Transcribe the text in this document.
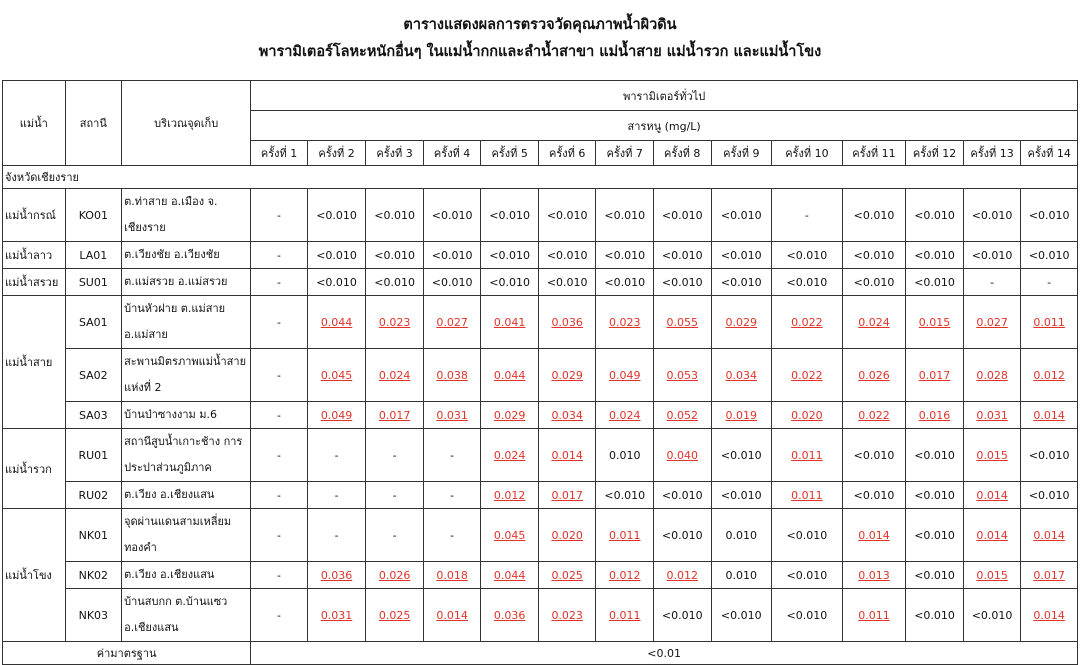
ตารางแสดงผลการตรวจวัดคุณภาพน้ำผิวดิน
พารามิเตอร์โลหะหนักอื่นๆ ในแม่น้ำกกและลำน้ำสาขา แม่น้ำสาย แม่น้ำรวก และแม่น้ำโขง
แม่น้ำ	สถานี	บริเวณจุดเก็บ	พารามิเตอร์ทั่วไป													
			สารหนู (mg/L)													
			ครั้งที่ 1	ครั้งที่ 2	ครั้งที่ 3	ครั้งที่ 4	ครั้งที่ 5	ครั้งที่ 6	ครั้งที่ 7	ครั้งที่ 8	ครั้งที่ 9	ครั้งที่ 10	ครั้งที่ 11	ครั้งที่ 12	ครั้งที่ 13	ครั้งที่ 14
จังหวัดเชียงราย																
แม่น้ำกรณ์	KO01	ต.ท่าสาย อ.เมือง จ. เชียงราย	-	<0.010	<0.010	<0.010	<0.010	<0.010	<0.010	<0.010	<0.010	-	<0.010	<0.010	<0.010	<0.010
แม่น้ำลาว	LA01	ต.เวียงชัย อ.เวียงชัย	-	<0.010	<0.010	<0.010	<0.010	<0.010	<0.010	<0.010	<0.010	<0.010	<0.010	<0.010	<0.010	<0.010
แม่น้ำสรวย	SU01	ต.แม่สรวย อ.แม่สรวย	-	<0.010	<0.010	<0.010	<0.010	<0.010	<0.010	<0.010	<0.010	<0.010	<0.010	<0.010	-	-
แม่น้ำสาย	SA01	บ้านหัวฝาย ต.แม่สาย อ.แม่สาย	-	0.044	0.023	0.027	0.041	0.036	0.023	0.055	0.029	0.022	0.024	0.015	0.027	0.011
	SA02	สะพานมิตรภาพแม่น้ำสายแห่งที่ 2	-	0.045	0.024	0.038	0.044	0.029	0.049	0.053	0.034	0.022	0.026	0.017	0.028	0.012
	SA03	บ้านป่าซางงาม ม.6	-	0.049	0.017	0.031	0.029	0.034	0.024	0.052	0.019	0.020	0.022	0.016	0.031	0.014
แม่น้ำรวก	RU01	สถานีสูบน้ำเกาะช้าง การประปาส่วนภูมิภาค	-	-	-	-	0.024	0.014	0.010	0.040	<0.010	0.011	<0.010	<0.010	0.015	<0.010
	RU02	ต.เวียง อ.เชียงแสน	-	-	-	-	0.012	0.017	<0.010	<0.010	<0.010	0.011	<0.010	<0.010	0.014	<0.010
แม่น้ำโขง	NK01	จุดผ่านแดนสามเหลี่ยมทองคำ	-	-	-	-	0.045	0.020	0.011	<0.010	0.010	<0.010	0.014	<0.010	0.014	0.014
	NK02	ต.เวียง อ.เชียงแสน	-	0.036	0.026	0.018	0.044	0.025	0.012	0.012	0.010	<0.010	0.013	<0.010	0.015	0.017
	NK03	บ้านสบกก ต.บ้านแซว อ.เชียงแสน	-	0.031	0.025	0.014	0.036	0.023	0.011	<0.010	<0.010	<0.010	0.011	<0.010	<0.010	0.014
ค่ามาตรฐาน			<0.01													
